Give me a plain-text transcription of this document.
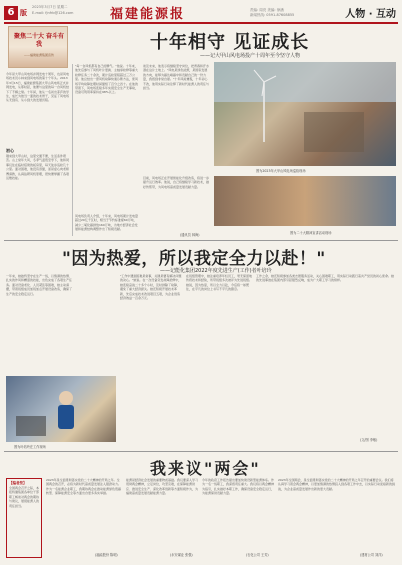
6 版
2023年3月7日 星期二
E-mail: fjnfrb@126.com	福建能源报	责编: 周亮 美编: 徐涵
新闻热线: 0591-87608855	人物 · 互动
聚焦二十大 奋斗有我
——福建能源集团宣传
十年相守 见证成长
——记大甲山风电场投产十周年至今坚守人物
今年是大甲山风电场并网发电十周年，也是风电场技术员小林来到风电场的第十个年头。2013年3月15日，福建能源集团大甲山风电场正式并网发电，从那时起，他便与这里的每一台风机结下了不解之缘。十年间，他从一名初出茅庐的学生，成长为独当一面的技术骨干，见证了风电场从无到有、从小到大的发展历程。
初心
刚来到大甲山时，这里交通不便，生活条件艰苦。山上常年大风，冬季气温低至零下，他和同事们住在临时搭建的板房里，每天徒步巡检几十公里。面对困难，他没有退缩，而是虚心向老师傅请教，认真钻研风机原理，很快便掌握了各项运维技能。
"每一台风机都有自己的脾气。"他说。十年来，他先后参与了风机叶片更换、主轴承检修等重大检修任务二十余次，累计巡检里程超过三万公里。他总结出一套风机故障快速诊断方法，使风场平均故障处理时间缩短了百分之四十。在他的带领下，风电场连续多年实现安全生产无事故，设备可利用率保持在98%以上。
风电场负责人介绍，十年来，风电场累计发电量超过20亿千瓦时，相当于节约标准煤60万吨，减少二氧化碳排放160万吨，为地方经济社会发展和能源结构调整作出了积极贡献。
谈及未来，他表示将继续坚守岗位，把青春和汗水洒在这片土地上。"风电是绿色能源，是国家发展的方向，能够为碳达峰碳中和贡献自己的一份力量，我感到非常自豪。"十年风雨兼程，十年初心不改，他用实际行动诠释了新时代能源人的责任与担当。
目前，风电场正在开展智能化升级改造，将进一步提升运行效率。他说，自己将继续学习新技术，做好传帮带，为风电场高质量发展贡献力量。
(通讯员 林海)
图为2023年大甲山风电场巡检现场
图为二十大精神宣讲活动现场
"因为热爱，所以我定全力以赴！"
——记能化集团2022年度先进生产(工作)者叶培玲
一年来，她始终坚守在生产一线，以饱满的热情、扎实的作风和精湛的技能，出色完成了各项生产任务。面对设备老化、人员紧张等困难，她主动请缨，带领班组成员加班加点开展设备改造，确保了生产的安全稳定运行。
"工作中遇到困难是常事，关键是要有解决问题的决心。"她说。在一次设备突发故障抢修中，她连续奋战二十多个小时，及时排除了故障，避免了重大经济损失。她还积极开展技术革新，先后完成技术改进项目五项，为企业创造经济效益一百余万元。
在班组管理中，她注重培养年轻员工，毫无保留地传授技术和经验，所带班组多次被评为先进班组。她说，因为热爱，所以全力以赴，今后将一如既往，在平凡的岗位上书写不平凡的篇章。
工作之余，她还积极参加各类志愿服务活动，关心困难职工，用实际行动践行着共产党员的初心使命。她的先进事迹在集团内部引起强烈反响，成为广大职工学习的榜样。
(文/图 李敏)
图为叶培玲在工作现场
我来议"两会"
【编者按】
全国两会召开之际，本报特邀集团各单位干部职工畅谈对两会的期待与建议，展现能源人的责任担当。
2023年是全面贯彻落实党的二十大精神的开局之年。全国两会的召开，必将为新时代高质量发展注入强劲动力。作为一名能源企业职工，我期待两会在推动能源绿色低碳转型、保障能源安全等方面出台更多务实举措。
(福能股份 陈明)
能源是经济社会发展的重要物质基础。我们要深入学习贯彻两会精神，立足岗位，攻坚克难，在保障能源供应、推进安全生产、深化改革创新等方面积极作为，为福建高质量发展贡献能源力量。
(永安煤业 张强)
今年的政府工作报告提出要加快建设新型能源体系。作为一名一线职工，我深感责任重大。我们将以两会精神为指引，扎实做好本职工作，确保设备安全稳定运行，为能源保供贡献力量。
(石化公司 王芳)
2023年全国两会，是全面贯彻落实党的二十大精神的开局之年召开的重要会议。我们将认真学习领会两会精神，以更加饱满的热情投入到各项工作中去，以实际行动迎接新的挑战，为企业高质量发展作出新的更大贡献。
(建材公司 刘洋)
